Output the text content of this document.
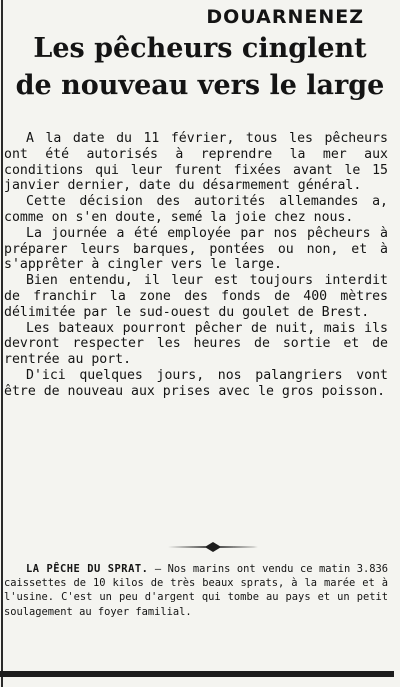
DOUARNENEZ
Les pêcheurs cinglent
de nouveau vers le large

A la date du 11 février, tous les pêcheurs ont été autorisés à reprendre la mer aux conditions qui leur furent fixées avant le 15 janvier dernier, date du désarmement général.

Cette décision des autorités allemandes a, comme on s'en doute, semé la joie chez nous.

La journée a été employée par nos pêcheurs à préparer leurs barques, pontées ou non, et à s'apprêter à cingler vers le large.

Bien entendu, il leur est toujours interdit de franchir la zone des fonds de 400 mètres délimitée par le sud-ouest du goulet de Brest.

Les bateaux pourront pêcher de nuit, mais ils devront respecter les heures de sortie et de rentrée au port.

D'ici quelques jours, nos palangriers vont être de nouveau aux prises avec le gros poisson.

LA PÊCHE DU SPRAT. — Nos marins ont vendu ce matin 3.836 caissettes de 10 kilos de très beaux sprats, à la marée et à l'usine. C'est un peu d'argent qui tombe au pays et un petit soulagement au foyer familial.
